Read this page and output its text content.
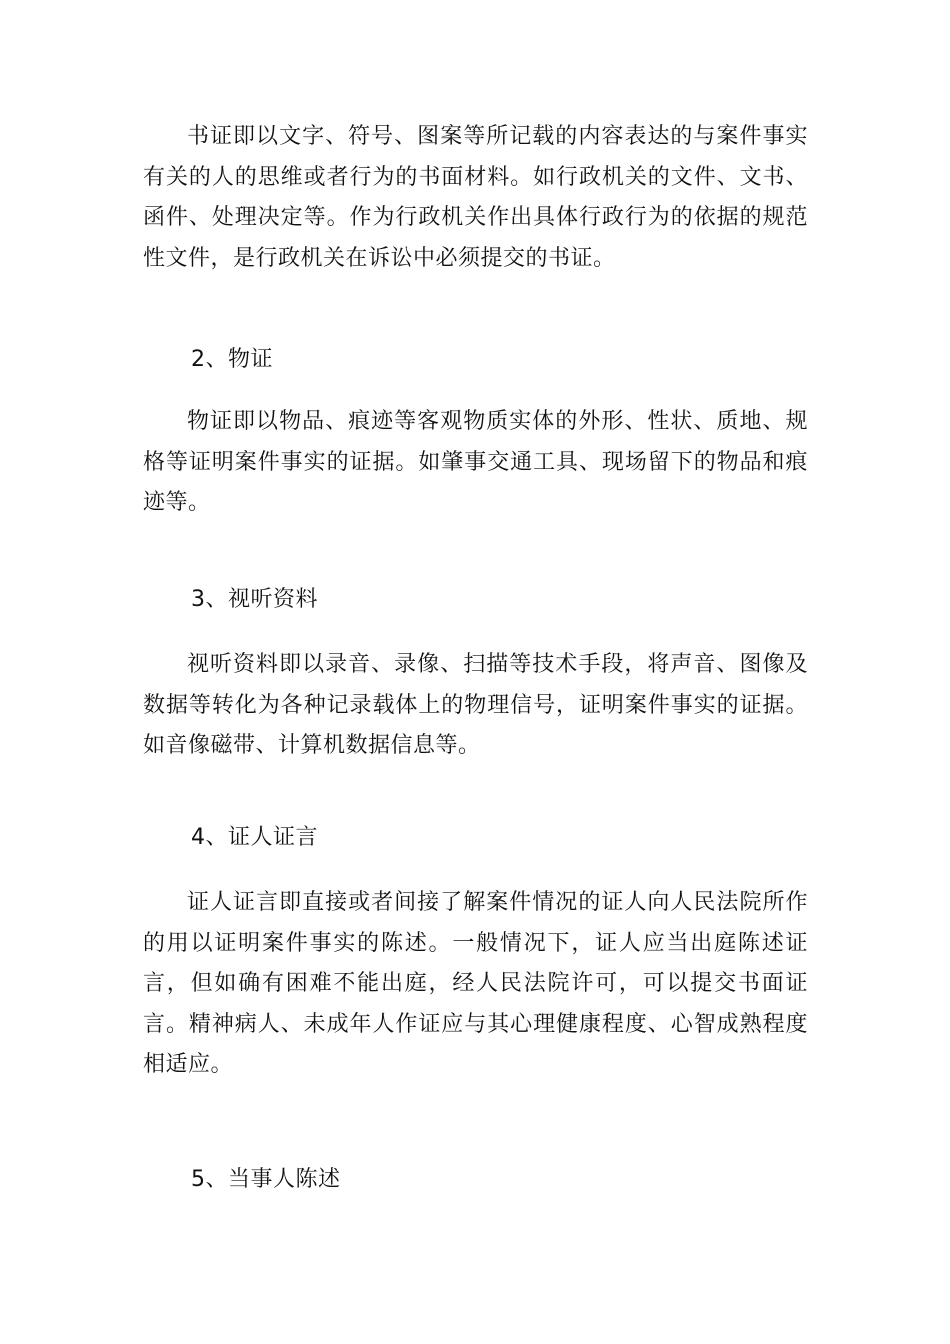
书证即以文字、符号、图案等所记载的内容表达的与案件事实有关的人的思维或者行为的书面材料。如行政机关的文件、文书、函件、处理决定等。作为行政机关作出具体行政行为的依据的规范性文件，是行政机关在诉讼中必须提交的书证。

2、物证

物证即以物品、痕迹等客观物质实体的外形、性状、质地、规格等证明案件事实的证据。如肇事交通工具、现场留下的物品和痕迹等。

3、视听资料

视听资料即以录音、录像、扫描等技术手段，将声音、图像及数据等转化为各种记录载体上的物理信号，证明案件事实的证据。如音像磁带、计算机数据信息等。

4、证人证言

证人证言即直接或者间接了解案件情况的证人向人民法院所作的用以证明案件事实的陈述。一般情况下，证人应当出庭陈述证言，但如确有困难不能出庭，经人民法院许可，可以提交书面证言。精神病人、未成年人作证应与其心理健康程度、心智成熟程度相适应。

5、当事人陈述
